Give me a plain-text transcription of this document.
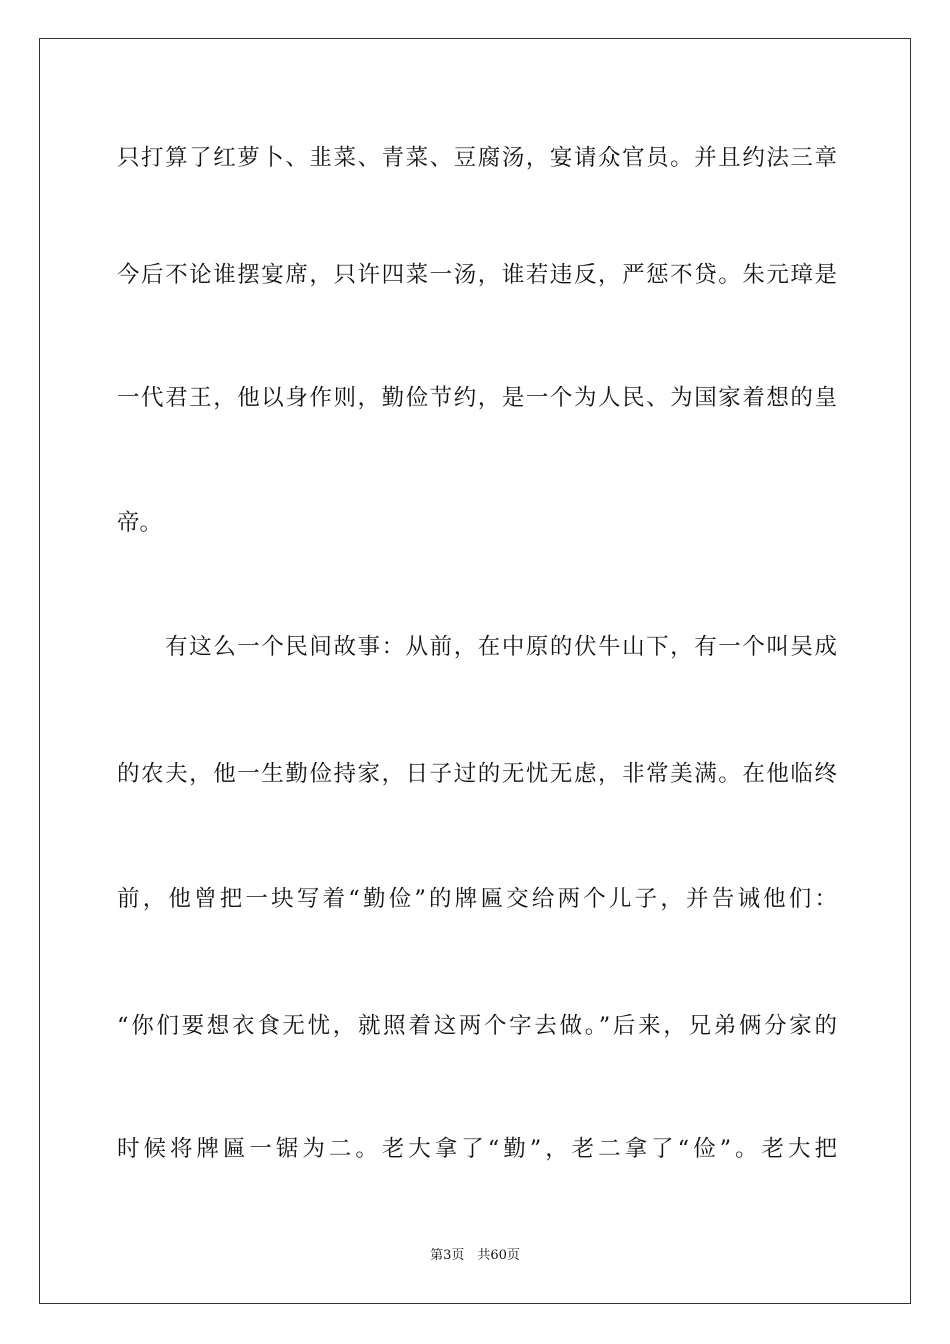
只打算了红萝卜、韭菜、青菜、豆腐汤，宴请众官员。并且约法三章
今后不论谁摆宴席，只许四菜一汤，谁若违反，严惩不贷。朱元璋是
一代君王，他以身作则，勤俭节约，是一个为人民、为国家着想的皇
帝。
　　有这么一个民间故事：从前，在中原的伏牛山下，有一个叫吴成
的农夫，他一生勤俭持家，日子过的无忧无虑，非常美满。在他临终
前，他曾把一块写着“勤俭”的牌匾交给两个儿子，并告诫他们：
“你们要想衣食无忧，就照着这两个字去做。”后来，兄弟俩分家的
时候将牌匾一锯为二。老大拿了“勤”，老二拿了“俭”。老大把
第3页　共60页
